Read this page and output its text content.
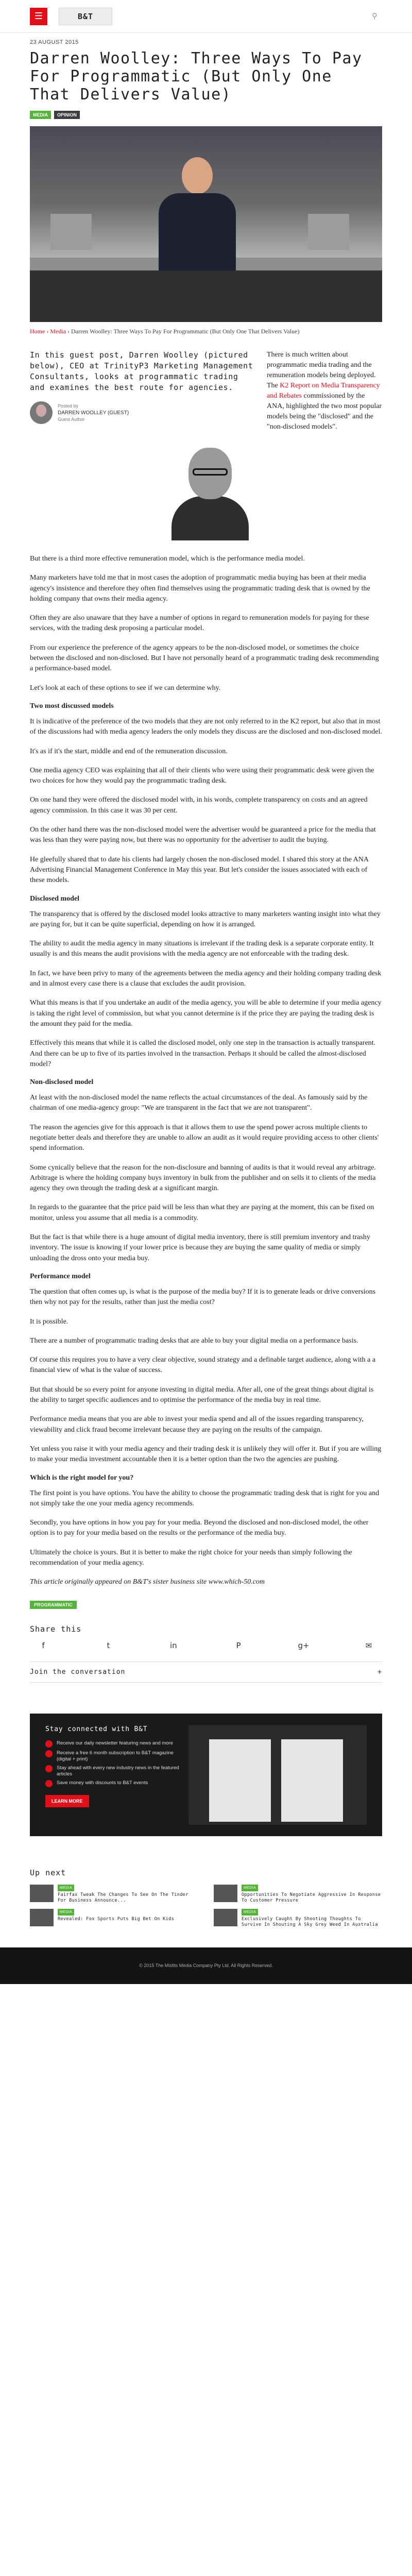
☰	B&T	⚲
23 AUGUST 2015
Darren Woolley: Three Ways To Pay For Programmatic (But Only One That Delivers Value)
MEDIA	OPINION
Home › Media › Darren Woolley: Three Ways To Pay For Programmatic (But Only One That Delivers Value)
In this guest post, Darren Woolley (pictured below), CEO at TrinityP3 Marketing Management Consultants, looks at programmatic trading and examines the best route for agencies.
Posted by
DARREN WOOLLEY (GUEST)
Guest Author
There is much written about programmatic media trading and the remuneration models being deployed. The K2 Report on Media Transparency and Rebates commissioned by the ANA, highlighted the two most popular models being the "disclosed" and the "non-disclosed models".

But there is a third more effective remuneration model, which is the performance media model.

Many marketers have told me that in most cases the adoption of programmatic media buying has been at their media agency's insistence and therefore they often find themselves using the programmatic trading desk that is owned by the holding company that owns their media agency.

Often they are also unaware that they have a number of options in regard to remuneration models for paying for these services, with the trading desk proposing a particular model.

From our experience the preference of the agency appears to be the non-disclosed model, or sometimes the choice between the disclosed and non-disclosed. But I have not personally heard of a programmatic trading desk recommending a performance-based model.

Let's look at each of these options to see if we can determine why.

Two most discussed models

It is indicative of the preference of the two models that they are not only referred to in the K2 report, but also that in most of the discussions had with media agency leaders the only models they discuss are the disclosed and non-disclosed model.

It's as if it's the start, middle and end of the remuneration discussion.

One media agency CEO was explaining that all of their clients who were using their programmatic desk were given the two choices for how they would pay the programmatic trading desk.

On one hand they were offered the disclosed model with, in his words, complete transparency on costs and an agreed agency commission. In this case it was 30 per cent.

On the other hand there was the non-disclosed model were the advertiser would be guaranteed a price for the media that was less than they were paying now, but there was no opportunity for the advertiser to audit the buying.

He gleefully shared that to date his clients had largely chosen the non-disclosed model. I shared this story at the ANA Advertising Financial Management Conference in May this year. But let's consider the issues associated with each of these models.

Disclosed model

The transparency that is offered by the disclosed model looks attractive to many marketers wanting insight into what they are paying for, but it can be quite superficial, depending on how it is arranged.

The ability to audit the media agency in many situations is irrelevant if the trading desk is a separate corporate entity. It usually is and this means the audit provisions with the media agency are not enforceable with the trading desk.

In fact, we have been privy to many of the agreements between the media agency and their holding company trading desk and in almost every case there is a clause that excludes the audit provision.

What this means is that if you undertake an audit of the media agency, you will be able to determine if your media agency is taking the right level of commission, but what you cannot determine is if the price they are paying the trading desk is the amount they paid for the media.

Effectively this means that while it is called the disclosed model, only one step in the transaction is actually transparent. And there can be up to five of its parties involved in the transaction. Perhaps it should be called the almost-disclosed model?

Non-disclosed model

At least with the non-disclosed model the name reflects the actual circumstances of the deal. As famously said by the chairman of one media-agency group: "We are transparent in the fact that we are not transparent".

The reason the agencies give for this approach is that it allows them to use the spend power across multiple clients to negotiate better deals and therefore they are unable to allow an audit as it would require providing access to other clients' spend information.

Some cynically believe that the reason for the non-disclosure and banning of audits is that it would reveal any arbitrage. Arbitrage is where the holding company buys inventory in bulk from the publisher and on sells it to clients of the media agency they own through the trading desk at a significant margin.

In regards to the guarantee that the price paid will be less than what they are paying at the moment, this can be fixed on monitor, unless you assume that all media is a commodity.

But the fact is that while there is a huge amount of digital media inventory, there is still premium inventory and trashy inventory. The issue is knowing if your lower price is because they are buying the same quality of media or simply unloading the dross onto your media buy.

Performance model

The question that often comes up, is what is the purpose of the media buy? If it is to generate leads or drive conversions then why not pay for the results, rather than just the media cost?

It is possible.

There are a number of programmatic trading desks that are able to buy your digital media on a performance basis.

Of course this requires you to have a very clear objective, sound strategy and a definable target audience, along with a a financial view of what is the value of success.

But that should be so every point for anyone investing in digital media. After all, one of the great things about digital is the ability to target specific audiences and to optimise the performance of the media buy in real time.

Performance media means that you are able to invest your media spend and all of the issues regarding transparency, viewability and click fraud become irrelevant because they are paying on the results of the campaign.

Yet unless you raise it with your media agency and their trading desk it is unlikely they will offer it. But if you are willing to make your media investment accountable then it is a better option than the two the agencies are pushing.

Which is the right model for you?

The first point is you have options. You have the ability to choose the programmatic trading desk that is right for you and not simply take the one your media agency recommends.

Secondly, you have options in how you pay for your media. Beyond the disclosed and non-disclosed model, the other option is to pay for your media based on the results or the performance of the media buy.

Ultimately the choice is yours. But it is better to make the right choice for your needs than simply following the recommendation of your media agency.

This article originally appeared on B&T's sister business site www.which-50.com

PROGRAMMATIC
Share this
f	t	in	P	g+	✉
Join the conversation	+
Stay connected with B&T
Receive our daily newsletter featuring news and more
Receive a free 6 month subscription to B&T magazine (digital + print)
Stay ahead with every new industry news in the featured articles
Save money with discounts to B&T events
LEARN MORE
Up next
MEDIA
Fairfax Tweak The Changes To See On The Tinder For Business Announce...
MEDIA
Opportunities To Negotiate Aggressive In Response To Customer Pressure
MEDIA
Revealed: Fox Sports Puts Big Bet On Kids
MEDIA
Exclusively Caught By Shooting Thoughts To Survive In Shouting A Sky Grey Weed In Australia
© 2015 The Misfits Media Company Pty Ltd. All Rights Reserved.
